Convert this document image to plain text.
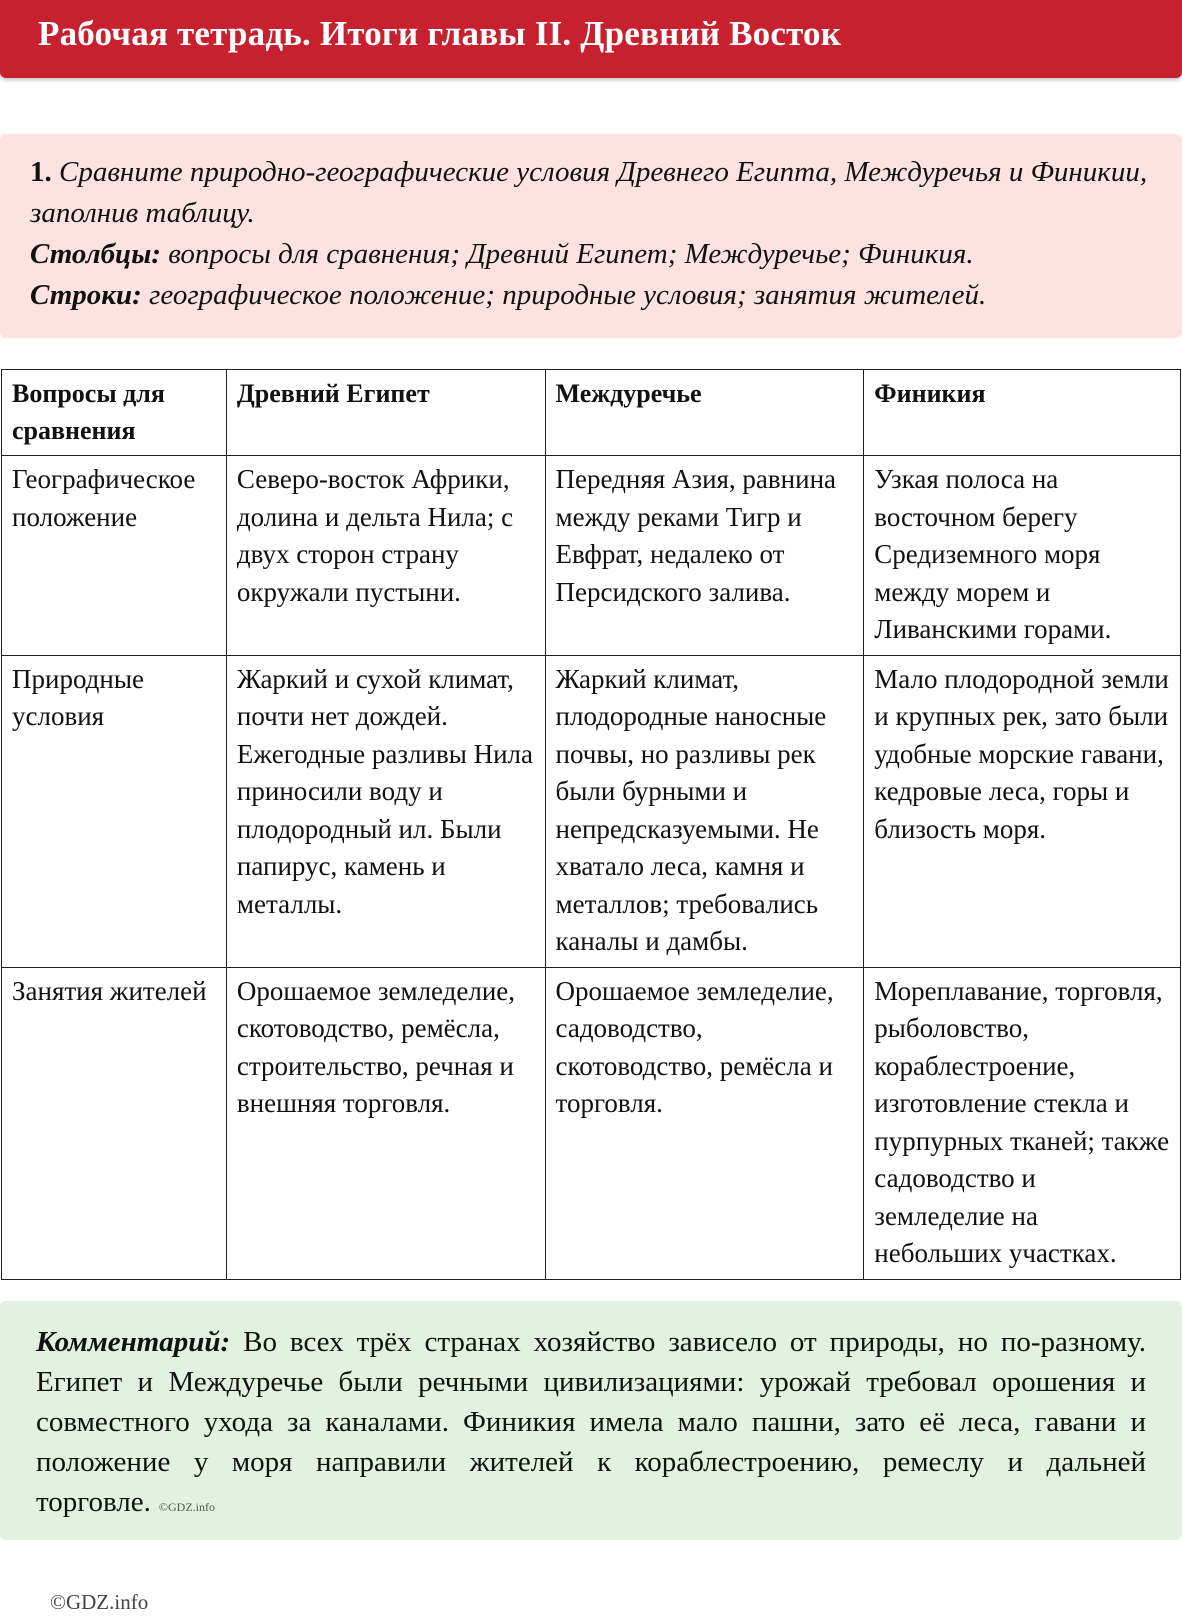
Рабочая тетрадь. Итоги главы II. Древний Восток
1. Сравните природно-географические условия Древнего Египта, Междуречья и Финикии, заполнив таблицу.
Столбцы: вопросы для сравнения; Древний Египет; Междуречье; Финикия.
Строки: географическое положение; природные условия; занятия жителей.
Вопросы для сравнения	Древний Египет	Междуречье	Финикия
Географическое положение	Северо-восток Африки, долина и дельта Нила; с двух сторон страну окружали пустыни.	Передняя Азия, равнина между реками Тигр и Евфрат, недалеко от Персидского залива.	Узкая полоса на восточном берегу Средиземного моря между морем и Ливанскими горами.
Природные условия	Жаркий и сухой климат, почти нет дождей. Ежегодные разливы Нила приносили воду и плодородный ил. Были папирус, камень и металлы.	Жаркий климат, плодородные наносные почвы, но разливы рек были бурными и непредсказуемыми. Не хватало леса, камня и металлов; требовались каналы и дамбы.	Мало плодородной земли и крупных рек, зато были удобные морские гавани, кедровые леса, горы и близость моря.
Занятия жителей	Орошаемое земледелие, скотоводство, ремёсла, строительство, речная и внешняя торговля.	Орошаемое земледелие, садоводство, скотоводство, ремёсла и торговля.	Мореплавание, торговля, рыболовство, кораблестроение, изготовление стекла и пурпурных тканей; также садоводство и земледелие на небольших участках.
Комментарий: Во всех трёх странах хозяйство зависело от природы, но по-разному. Египет и Междуречье были речными цивилизациями: урожай требовал орошения и совместного ухода за каналами. Финикия имела мало пашни, зато её леса, гавани и положение у моря направили жителей к кораблестроению, ремеслу и дальней торговле. ©GDZ.info
©GDZ.info
